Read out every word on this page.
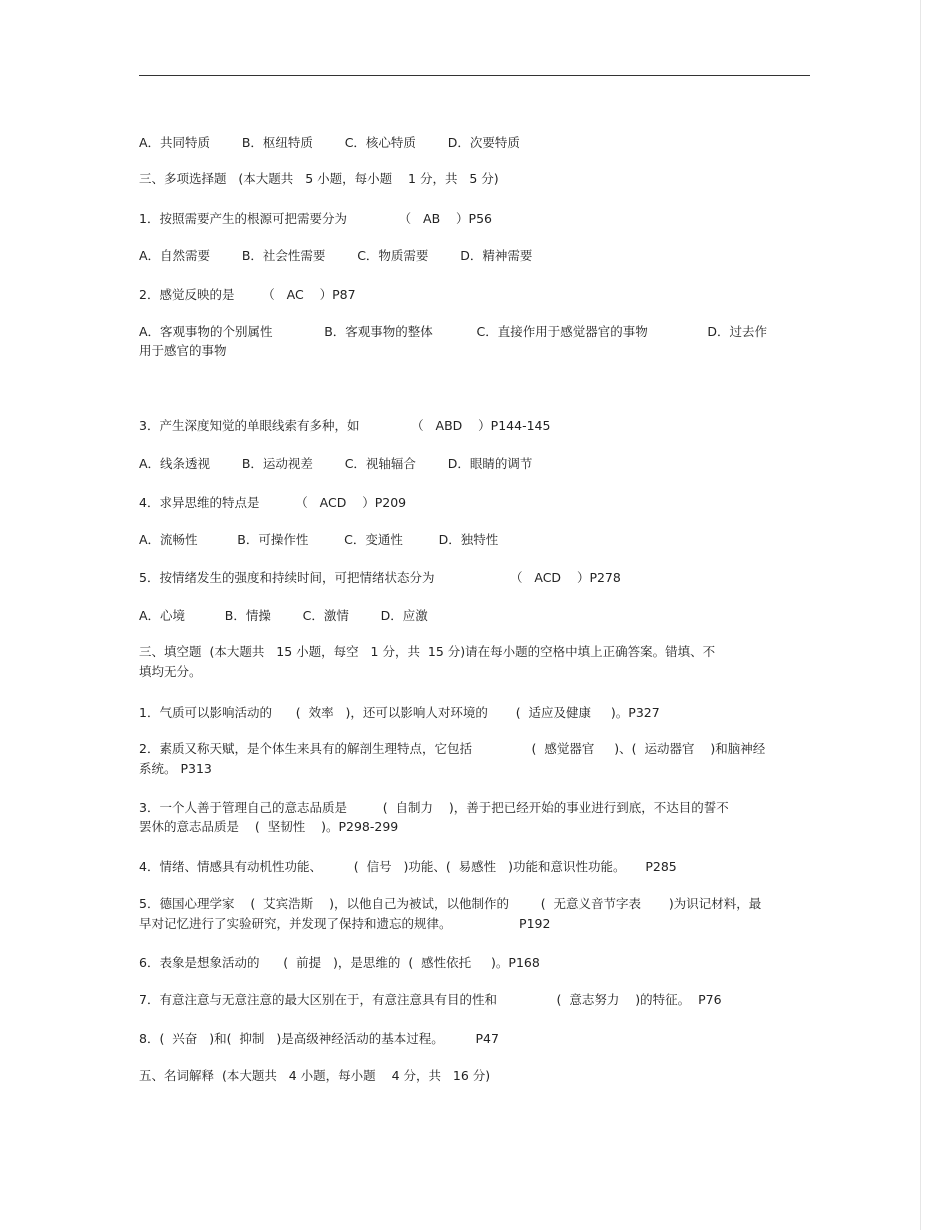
A．共同特质        B．枢纽特质        C．核心特质        D．次要特质
三、多项选择题   (本大题共   5 小题，每小题    1 分，共   5 分)
1．按照需要产生的根源可把需要分为             （   AB    ）P56
A．自然需要        B．社会性需要        C．物质需要        D．精神需要
2．感觉反映的是       （   AC    ）P87
A．客观事物的个别属性             B．客观事物的整体           C．直接作用于感觉器官的事物               D．过去作
用于感官的事物
3．产生深度知觉的单眼线索有多种，如             （   ABD    ）P144-145
A．线条透视        B．运动视差        C．视轴辐合        D．眼睛的调节
4．求异思维的特点是         （   ACD    ）P209
A．流畅性          B．可操作性         C．变通性         D．独特性
5．按情绪发生的强度和持续时间，可把情绪状态分为                   （   ACD    ）P278
A．心境          B．情操        C．激情        D．应激
三、填空题  (本大题共   15 小题，每空   1 分，共  15 分)请在每小题的空格中填上正确答案。错填、不
填均无分。
1．气质可以影响活动的      (  效率   )，还可以影响人对环境的       (  适应及健康     )。P327
2．素质又称天赋，是个体生来具有的解剖生理特点，它包括               (  感觉器官     )、(  运动器官    )和脑神经
系统。 P313
3．一个人善于管理自己的意志品质是         (  自制力    )，善于把已经开始的事业进行到底，不达目的誓不
罢休的意志品质是    (  坚韧性    )。P298-299
4．情绪、情感具有动机性功能、        (  信号   )功能、(  易感性   )功能和意识性功能。     P285
5．德国心理学家    (  艾宾浩斯    )，以他自己为被试，以他制作的        (  无意义音节字表       )为识记材料，最
早对记忆进行了实验研究，并发现了保持和遗忘的规律。                 P192
6．表象是想象活动的      (  前提   )，是思维的  (  感性依托     )。P168
7．有意注意与无意注意的最大区别在于，有意注意具有目的性和               (  意志努力    )的特征。  P76
8．(  兴奋   )和(  抑制   )是高级神经活动的基本过程。        P47
五、名词解释  (本大题共   4 小题，每小题    4 分，共   16 分)
